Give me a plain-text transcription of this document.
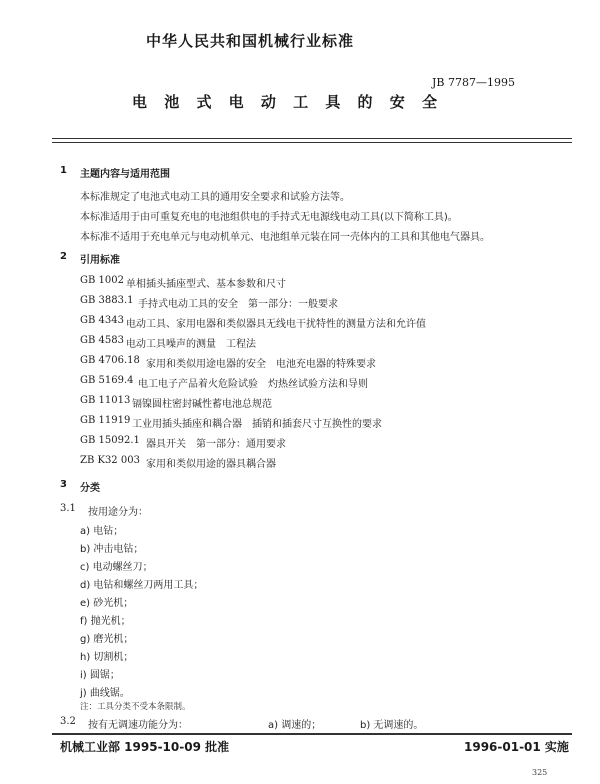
中华人民共和国机械行业标准
JB 7787—1995
电 池 式 电 动 工 具 的 安 全
1 主题内容与适用范围
本标准规定了电池式电动工具的通用安全要求和试验方法等。
本标准适用于由可重复充电的电池组供电的手持式无电源线电动工具(以下简称工具)。
本标准不适用于充电单元与电动机单元、电池组单元装在同一壳体内的工具和其他电气器具。
2 引用标准
GB 1002 单相插头插座型式、基本参数和尺寸
GB 3883.1 手持式电动工具的安全　第一部分：一般要求
GB 4343 电动工具、家用电器和类似器具无线电干扰特性的测量方法和允许值
GB 4583 电动工具噪声的测量　工程法
GB 4706.18 家用和类似用途电器的安全　电池充电器的特殊要求
GB 5169.4 电工电子产品着火危险试验　灼热丝试验方法和导则
GB 11013 镉镍圆柱密封碱性蓄电池总规范
GB 11919 工业用插头插座和耦合器　插销和插套尺寸互换性的要求
GB 15092.1 器具开关　第一部分：通用要求
ZB K32 003 家用和类似用途的器具耦合器
3 分类
3.1 按用途分为：
a) 电钻；
b) 冲击电钻；
c) 电动螺丝刀；
d) 电钻和螺丝刀两用工具；
e) 砂光机；
f) 抛光机；
g) 磨光机；
h) 切割机；
i) 圆锯；
j) 曲线锯。
注：工具分类不受本条限制。
3.2 按有无调速功能分为：	a) 调速的；	b) 无调速的。
机械工业部 1995-10-09 批准	1996-01-01 实施
325
